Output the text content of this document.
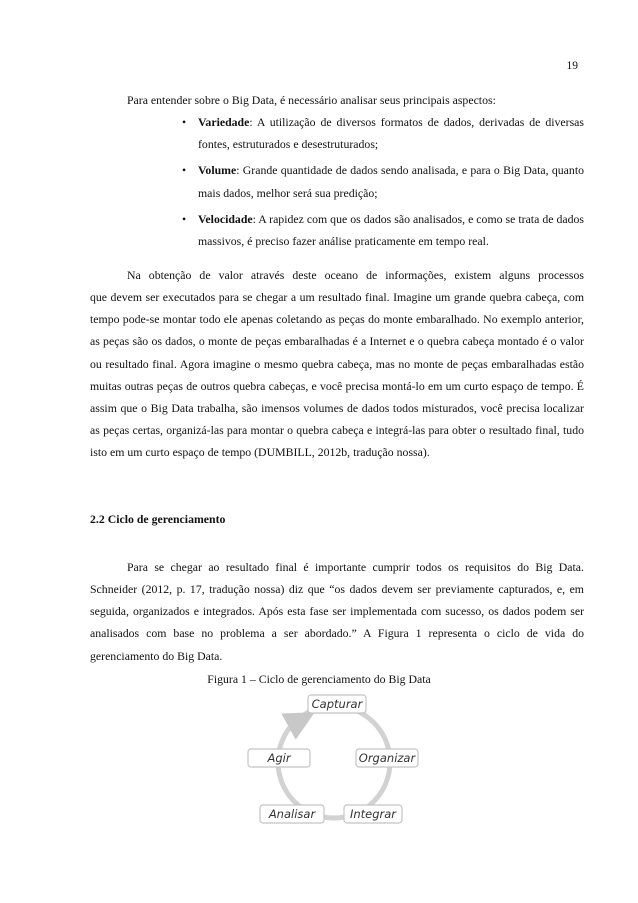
19
Para entender sobre o Big Data, é necessário analisar seus principais aspectos:
• Variedade: A utilização de diversos formatos de dados, derivadas de diversas fontes, estruturados e desestruturados;
• Volume: Grande quantidade de dados sendo analisada, e para o Big Data, quanto mais dados, melhor será sua predição;
• Velocidade: A rapidez com que os dados são analisados, e como se trata de dados massivos, é preciso fazer análise praticamente em tempo real.
Na obtenção de valor através deste oceano de informações, existem alguns processos
que devem ser executados para se chegar a um resultado final. Imagine um grande quebra cabeça, com tempo pode-se montar todo ele apenas coletando as peças do monte embaralhado. No exemplo anterior, as peças são os dados, o monte de peças embaralhadas é a Internet e o quebra cabeça montado é o valor ou resultado final. Agora imagine o mesmo quebra cabeça, mas no monte de peças embaralhadas estão muitas outras peças de outros quebra cabeças, e você precisa montá-lo em um curto espaço de tempo. É assim que o Big Data trabalha, são imensos volumes de dados todos misturados, você precisa localizar as peças certas, organizá-las para montar o quebra cabeça e integrá-las para obter o resultado final, tudo isto em um curto espaço de tempo (DUMBILL, 2012b, tradução nossa).
2.2 Ciclo de gerenciamento
Para se chegar ao resultado final é importante cumprir todos os requisitos do Big Data.
Schneider (2012, p. 17, tradução nossa) diz que “os dados devem ser previamente capturados, e, em seguida, organizados e integrados. Após esta fase ser implementada com sucesso, os dados podem ser analisados com base no problema a ser abordado.” A Figura 1 representa o ciclo de vida do gerenciamento do Big Data.
Figura 1 – Ciclo de gerenciamento do Big Data
Capturar
Organizar
Integrar
Analisar
Agir
